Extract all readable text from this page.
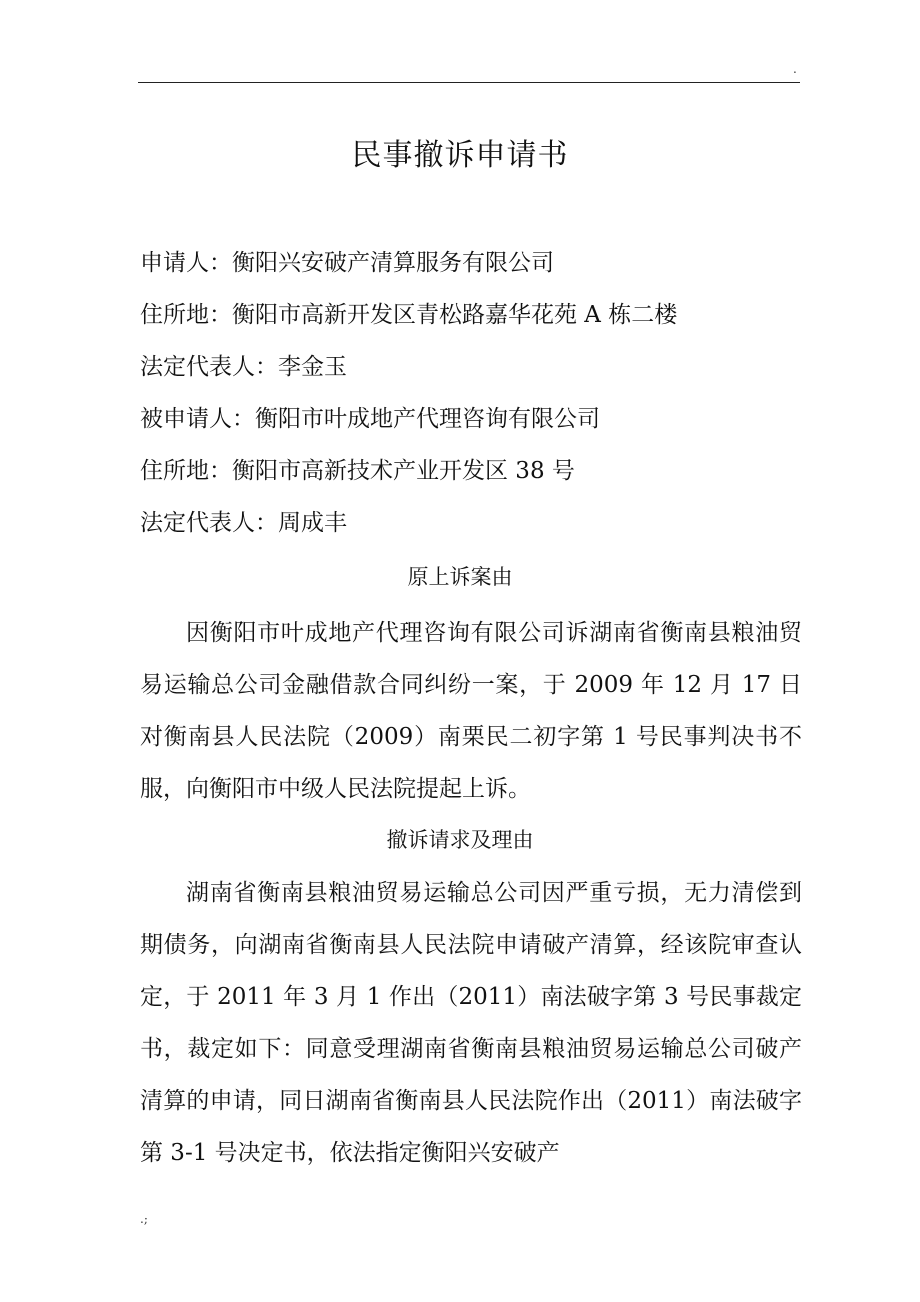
.
民事撤诉申请书
申请人：衡阳兴安破产清算服务有限公司
住所地：衡阳市高新开发区青松路嘉华花苑 A 栋二楼
法定代表人：李金玉
被申请人：衡阳市叶成地产代理咨询有限公司
住所地：衡阳市高新技术产业开发区 38 号
法定代表人：周成丰
原上诉案由

因衡阳市叶成地产代理咨询有限公司诉湖南省衡南县粮油贸易运输总公司金融借款合同纠纷一案，于 2009 年 12 月 17 日对衡南县人民法院（2009）南栗民二初字第 1 号民事判决书不服，向衡阳市中级人民法院提起上诉。

撤诉请求及理由

湖南省衡南县粮油贸易运输总公司因严重亏损，无力清偿到期债务，向湖南省衡南县人民法院申请破产清算，经该院审查认定，于 2011 年 3 月 1 作出（2011）南法破字第 3 号民事裁定书，裁定如下：同意受理湖南省衡南县粮油贸易运输总公司破产清算的申请，同日湖南省衡南县人民法院作出（2011）南法破字第 3-1 号决定书，依法指定衡阳兴安破产

.;
